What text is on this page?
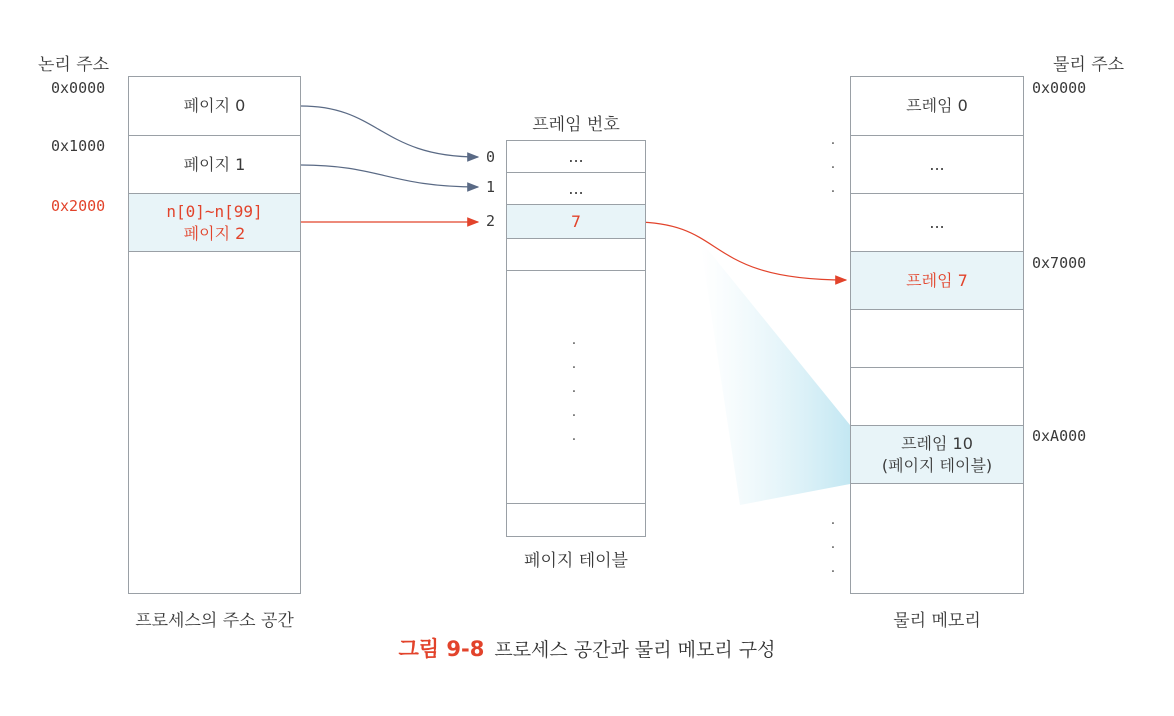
논리 주소
0x0000
0x1000
0x2000
페이지 0
페이지 1
n[0]~n[99]
페이지 2
프로세스의 주소 공간
프레임 번호
0
1
2
...
...
7
·
·
·
·
·
페이지 테이블
물리 주소
0x0000
0x7000
0xA000
프레임 0
...
...
프레임 7
프레임 10
(페이지 테이블)
·
·
·
·
·
·
물리 메모리
그림 9-8 프로세스 공간과 물리 메모리 구성
